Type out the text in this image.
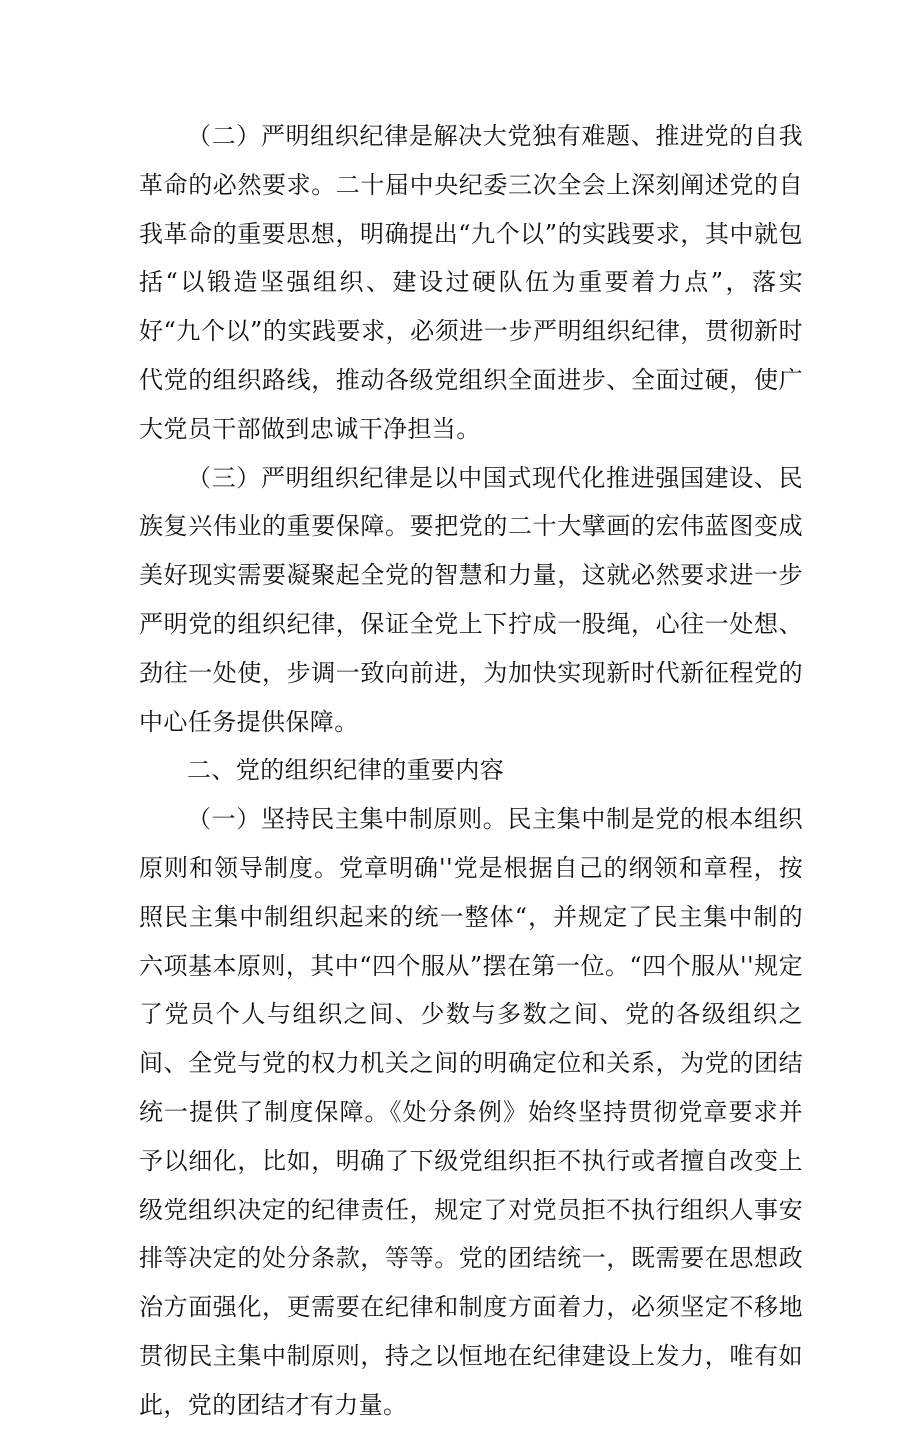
（二）严明组织纪律是解决大党独有难题、推进党的自我革命的必然要求。二十届中央纪委三次全会上深刻阐述党的自我革命的重要思想，明确提出“九个以”的实践要求，其中就包括“以锻造坚强组织、建设过硬队伍为重要着力点”，落实好“九个以”的实践要求，必须进一步严明组织纪律，贯彻新时代党的组织路线，推动各级党组织全面进步、全面过硬，使广大党员干部做到忠诚干净担当。

（三）严明组织纪律是以中国式现代化推进强国建设、民族复兴伟业的重要保障。要把党的二十大擘画的宏伟蓝图变成美好现实需要凝聚起全党的智慧和力量，这就必然要求进一步严明党的组织纪律，保证全党上下拧成一股绳，心往一处想、劲往一处使，步调一致向前进，为加快实现新时代新征程党的中心任务提供保障。

二、党的组织纪律的重要内容

（一）坚持民主集中制原则。民主集中制是党的根本组织原则和领导制度。党章明确''党是根据自己的纲领和章程，按照民主集中制组织起来的统一整体“，并规定了民主集中制的六项基本原则，其中“四个服从”摆在第一位。“四个服从''规定了党员个人与组织之间、少数与多数之间、党的各级组织之间、全党与党的权力机关之间的明确定位和关系，为党的团结统一提供了制度保障。《处分条例》始终坚持贯彻党章要求并予以细化，比如，明确了下级党组织拒不执行或者擅自改变上级党组织决定的纪律责任，规定了对党员拒不执行组织人事安排等决定的处分条款，等等。党的团结统一，既需要在思想政治方面强化，更需要在纪律和制度方面着力，必须坚定不移地贯彻民主集中制原则，持之以恒地在纪律建设上发力，唯有如此，党的团结才有力量。
